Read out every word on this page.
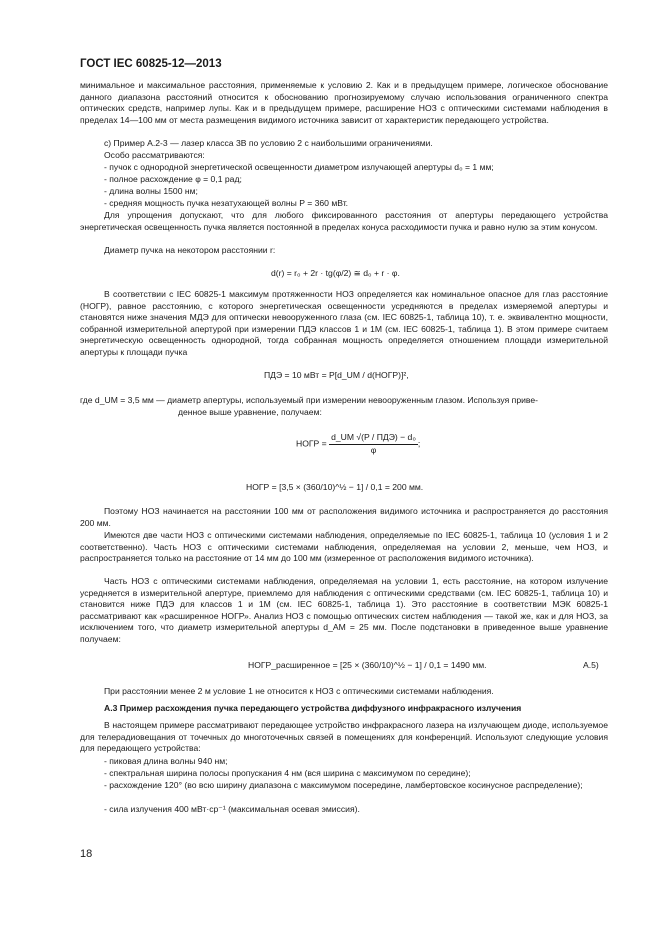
ГОСТ IEC 60825-12—2013

минимальное и максимальное расстояния, применяемые к условию 2. Как и в предыдущем примере, логическое обоснование данного диапазона расстояний относится к обоснованию прогнозируемому случаю использования ограниченного спектра оптических средств, например лупы. Как и в предыдущем примере, расширение НОЗ с оптическими системами наблюдения в пределах 14—100 мм от места размещения видимого источника зависит от характеристик передающего устройства.

c) Пример А.2-3 — лазер класса 3B по условию 2 с наибольшими ограничениями.

Особо рассматриваются:

- пучок с однородной энергетической освещенности диаметром излучающей апертуры d₀ = 1 мм;

- полное расхождение φ = 0,1 рад;

- длина волны 1500 нм;

- средняя мощность пучка незатухающей волны P = 360 мВт.

Для упрощения допускают, что для любого фиксированного расстояния от апертуры передающего устройства энергетическая освещенность пучка является постоянной в пределах конуса расходимости пучка и равно нулю за этим конусом.

Диаметр пучка на некотором расстоянии r:

d(r) = r₀ + 2r · tg(φ/2) ≅ d₀ + r · φ.

В соответствии с IEC 60825-1 максимум протяженности НОЗ определяется как номинальное опасное для глаз расстояние (НОГР), равное расстоянию, с которого энергетическая освещенности усредняются в пределах измеряемой апертуры и становятся ниже значения МДЭ для оптически невооруженного глаза (см. IEC 60825-1, таблица 10), т. е. эквивалентно мощности, собранной измерительной апертурой при измерении ПДЭ классов 1 и 1М (см. IEC 60825-1, таблица 1). В этом примере считаем энергетическую освещенность однородной, тогда собранная мощность определяется отношением площади измерительной апертуры к площади пучка

ПДЭ = 10 мВт = P[d_UM / d(НОГР)]²,

где d_UM = 3,5 мм — диаметр апертуры, используемый при измерении невооруженным глазом. Используя приве-

денное выше уравнение, получаем:

НОГР = $\frac{\text{d\_UM √(P / ПДЭ) − d₀}}{\varphi}$ ;
НОГР = [3,5 × (360/10)^½ − 1] / 0,1 = 200 мм.

Поэтому НОЗ начинается на расстоянии 100 мм от расположения видимого источника и распространяется до расстояния 200 мм.

Имеются две части НОЗ с оптическими системами наблюдения, определяемые по IEC 60825-1, таблица 10 (условия 1 и 2 соответственно). Часть НОЗ с оптическими системами наблюдения, определяемая на условии 2, меньше, чем НОЗ, и распространяется только на расстояние от 14 мм до 100 мм (измеренное от расположения видимого источника).

Часть НОЗ с оптическими системами наблюдения, определяемая на условии 1, есть расстояние, на котором излучение усредняется в измерительной апертуре, приемлемо для наблюдения с оптическими средствами (см. IEC 60825-1, таблица 10) и становится ниже ПДЭ для классов 1 и 1М (см. IEC 60825-1, таблица 1). Это расстояние в соответствии МЭК 60825-1 рассматривают как «расширенное НОГР». Анализ НОЗ с помощью оптических систем наблюдения — такой же, как и для НОЗ, за исключением того, что диаметр измерительной апертуры d_AM = 25 мм. После подстановки в приведенное выше уравнение получаем:

НОГР_расширенное = [25 × (360/10)^½ − 1] / 0,1 = 1490 мм.	А.5)

При расстоянии менее 2 м условие 1 не относится к НОЗ с оптическими системами наблюдения.

А.3 Пример расхождения пучка передающего устройства диффузного инфракрасного излучения

В настоящем примере рассматривают передающее устройство инфракрасного лазера на излучающем диоде, используемое для телерадиовещания от точечных до многоточечных связей в помещениях для конференций. Используют следующие условия для передающего устройства:

- пиковая длина волны 940 нм;

- спектральная ширина полосы пропускания 4 нм (вся ширина с максимумом по середине);

- расхождение 120° (во всю ширину диапазона с максимумом посередине, ламбертовское косинусное распределение);

- сила излучения 400 мВт·ср⁻¹ (максимальная осевая эмиссия).

18
